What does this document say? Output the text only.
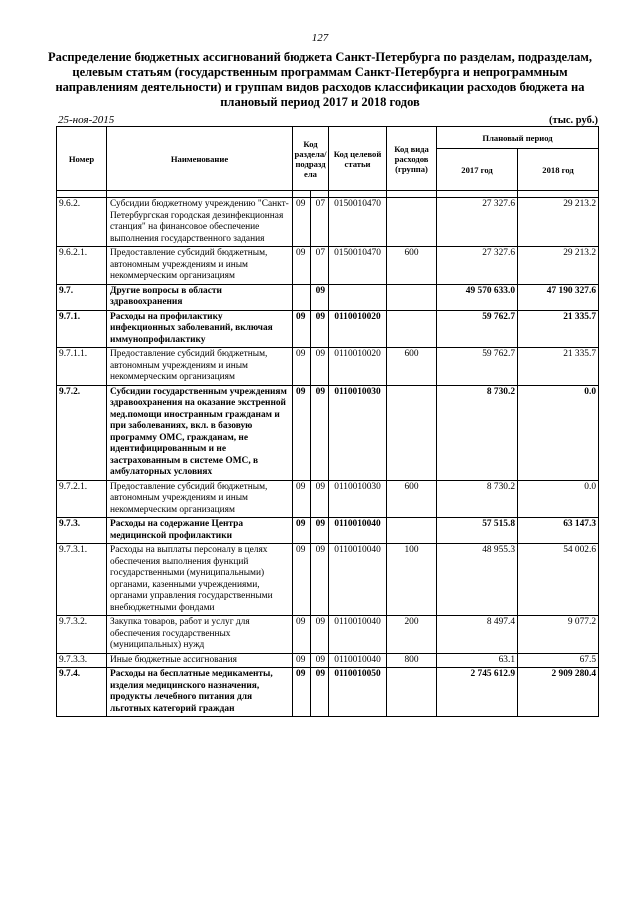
127
Распределение бюджетных ассигнований бюджета Санкт-Петербурга по разделам, подразделам, целевым статьям (государственным программам Санкт-Петербурга и непрограммным направлениям деятельности) и группам видов расходов классификации расходов бюджета на плановый период 2017 и 2018 годов
25-ноя-2015	(тыс. руб.)
Номер	Наименование	Код раздела/ подразд ела		Код целевой статьи	Код вида расходов (группа)	Плановый период	
						2017 год	2018 год

9.6.2.	Субсидии бюджетному учреждению "Санкт-Петербургская городская дезинфекционная станция" на финансовое обеспечение выполнения государственного задания	09	07	0150010470		27 327.6	29 213.2
9.6.2.1.	Предоставление субсидий бюджетным, автономным учреждениям и иным некоммерческим организациям	09	07	0150010470	600	27 327.6	29 213.2
9.7.	Другие вопросы в области здравоохранения		09			49 570 633.0	47 190 327.6
9.7.1.	Расходы на профилактику инфекционных заболеваний, включая иммунопрофилактику	09	09	0110010020		59 762.7	21 335.7
9.7.1.1.	Предоставление субсидий бюджетным, автономным учреждениям и иным некоммерческим организациям	09	09	0110010020	600	59 762.7	21 335.7
9.7.2.	Субсидии государственным учреждениям здравоохранения на оказание экстренной мед.помощи иностранным гражданам и при заболеваниях, вкл. в базовую программу ОМС, гражданам, не идентифицированным и не застрахованным в системе ОМС, в амбулаторных условиях	09	09	0110010030		8 730.2	0.0
9.7.2.1.	Предоставление субсидий бюджетным, автономным учреждениям и иным некоммерческим организациям	09	09	0110010030	600	8 730.2	0.0
9.7.3.	Расходы на содержание Центра медицинской профилактики	09	09	0110010040		57 515.8	63 147.3
9.7.3.1.	Расходы на выплаты персоналу в целях обеспечения выполнения функций государственными (муниципальными) органами, казенными учреждениями, органами управления государственными внебюджетными фондами	09	09	0110010040	100	48 955.3	54 002.6
9.7.3.2.	Закупка товаров, работ и услуг для обеспечения государственных (муниципальных) нужд	09	09	0110010040	200	8 497.4	9 077.2
9.7.3.3.	Иные бюджетные ассигнования	09	09	0110010040	800	63.1	67.5
9.7.4.	Расходы на бесплатные медикаменты, изделия медицинского назначения, продукты лечебного питания для льготных категорий граждан	09	09	0110010050		2 745 612.9	2 909 280.4
